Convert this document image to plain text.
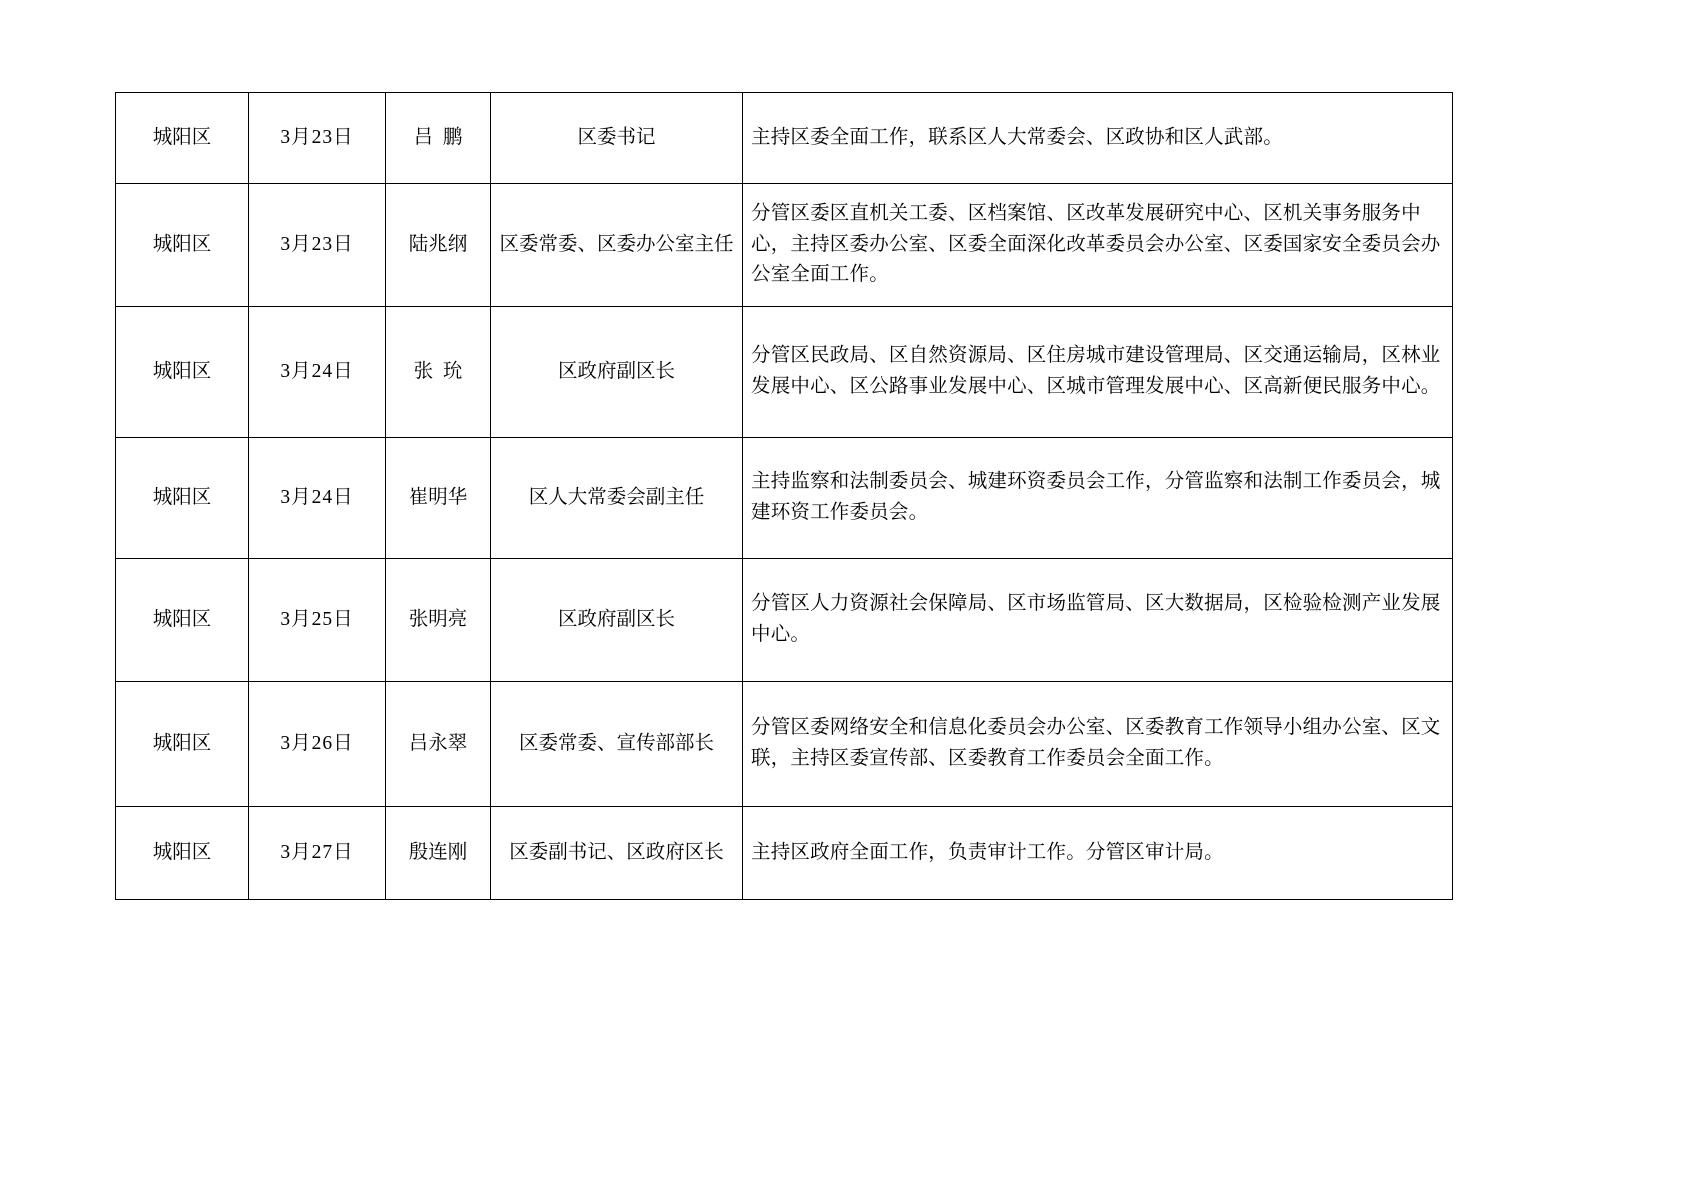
城阳区	3月23日	吕  鹏	区委书记	主持区委全面工作，联系区人大常委会、区政协和区人武部。
城阳区	3月23日	陆兆纲	区委常委、区委办公室主任	分管区委区直机关工委、区档案馆、区改革发展研究中心、区机关事务服务中心，主持区委办公室、区委全面深化改革委员会办公室、区委国家安全委员会办公室全面工作。
城阳区	3月24日	张  玧	区政府副区长	分管区民政局、区自然资源局、区住房城市建设管理局、区交通运输局，区林业发展中心、区公路事业发展中心、区城市管理发展中心、区高新便民服务中心。
城阳区	3月24日	崔明华	区人大常委会副主任	主持监察和法制委员会、城建环资委员会工作，分管监察和法制工作委员会，城建环资工作委员会。
城阳区	3月25日	张明亮	区政府副区长	分管区人力资源社会保障局、区市场监管局、区大数据局，区检验检测产业发展中心。
城阳区	3月26日	吕永翠	区委常委、宣传部部长	分管区委网络安全和信息化委员会办公室、区委教育工作领导小组办公室、区文联，主持区委宣传部、区委教育工作委员会全面工作。
城阳区	3月27日	殷连刚	区委副书记、区政府区长	主持区政府全面工作，负责审计工作。分管区审计局。
